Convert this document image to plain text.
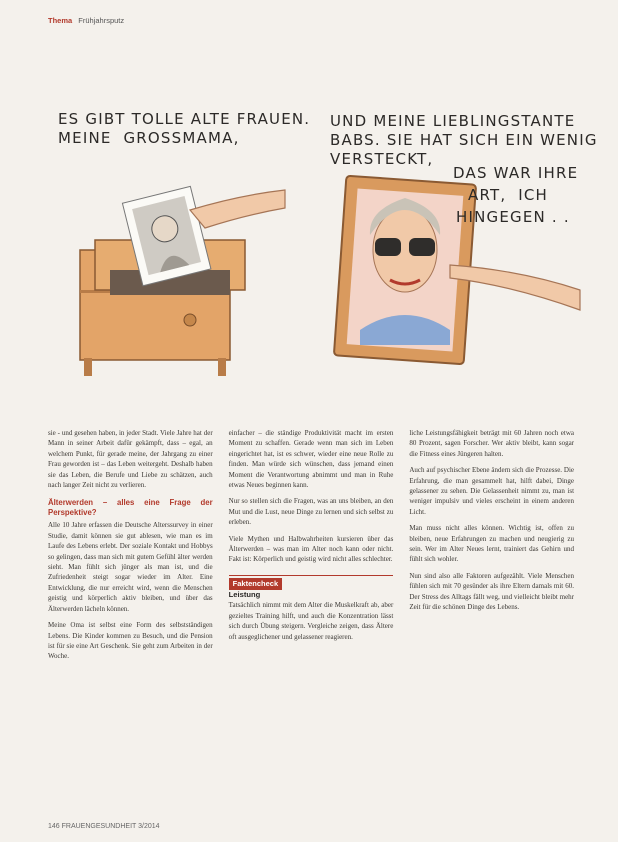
Thema Frühjahrsputz
ES GIBT TOLLE ALTE FRAUEN.
MEINE  GROSSMAMA,
UND MEINE LIEBLINGSTANTE
BABS. SIE HAT SICH EIN WENIG
VERSTECKT,
DAS WAR IHRE
ART,  ICH
HINGEGEN . .

sie - und gesehen haben, in jeder Stadt. Viele Jahre hat der Mann in seiner Arbeit dafür gekämpft, dass – egal, an welchem Punkt, für gerade meine, der Jahrgang zu einer Frau geworden ist – das Leben weitergeht. Deshalb haben sie das Leben, die Berufe und Liebe zu schätzen, auch nach langer Zeit nicht zu verlieren.

Älterwerden – alles eine Frage der Perspektive?

Alle 10 Jahre erfassen die Deutsche Alterssurvey in einer Studie, damit können sie gut ablesen, wie man es im Laufe des Lebens erlebt. Der soziale Kontakt und Hobbys so gelingen, dass man sich mit gutem Gefühl älter werden sieht. Man fühlt sich jünger als man ist, und die Zufriedenheit steigt sogar wieder im Alter. Eine Entwicklung, die nur erreicht wird, wenn die Menschen geistig und körperlich aktiv bleiben, und über das Älterwerden lächeln können.

Meine Oma ist selbst eine Form des selbstständigen Lebens. Die Kinder kommen zu Besuch, und die Pension ist für sie eine Art Geschenk. Sie geht zum Arbeiten in der Woche.

einfacher – die ständige Produktivität macht im ersten Moment zu schaffen. Gerade wenn man sich im Leben eingerichtet hat, ist es schwer, wieder eine neue Rolle zu finden. Man würde sich wünschen, dass jemand einen Moment die Verantwortung abnimmt und man in Ruhe etwas Neues beginnen kann.

Nur so stellen sich die Fragen, was an uns bleiben, an den Mut und die Lust, neue Dinge zu lernen und sich selbst zu erleben.

Viele Mythen und Halbwahrheiten kursieren über das Älterwerden – was man im Alter noch kann oder nicht. Fakt ist: Körperlich und geistig wird nicht alles schlechter.

Faktencheck
Leistung

Tatsächlich nimmt mit dem Alter die Muskelkraft ab, aber gezieltes Training hilft, und auch die Konzentration lässt sich durch Übung steigern. Vergleiche zeigen, dass Ältere oft ausgeglichener und gelassener reagieren.

liche Leistungsfähigkeit beträgt mit 60 Jahren noch etwa 80 Prozent, sagen Forscher. Wer aktiv bleibt, kann sogar die Fitness eines Jüngeren halten.

Auch auf psychischer Ebene ändern sich die Prozesse. Die Erfahrung, die man gesammelt hat, hilft dabei, Dinge gelassener zu sehen. Die Gelassenheit nimmt zu, man ist weniger impulsiv und vieles erscheint in einem anderen Licht.

Man muss nicht alles können. Wichtig ist, offen zu bleiben, neue Erfahrungen zu machen und neugierig zu sein. Wer im Alter Neues lernt, trainiert das Gehirn und fühlt sich wohler.

Nun sind also alle Faktoren aufgezählt. Viele Menschen fühlen sich mit 70 gesünder als ihre Eltern damals mit 60. Der Stress des Alltags fällt weg, und vielleicht bleibt mehr Zeit für die schönen Dinge des Lebens.

146 FRAUENGESUNDHEIT 3/2014
